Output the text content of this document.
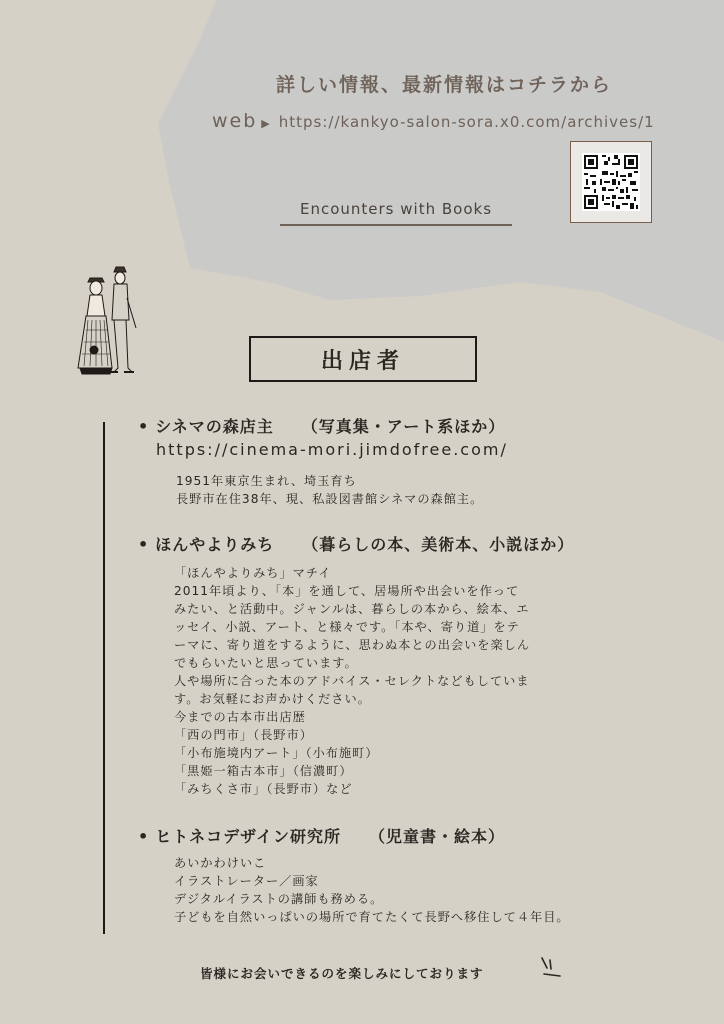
詳しい情報、最新情報はコチラから
web ▶ https://kankyo-salon-sora.x0.com/archives/1
Encounters with Books
出店者
• シネマの森店主 （写真集・アート系ほか）
https://cinema-mori.jimdofree.com/
1951年東京生まれ、埼玉育ち
長野市在住38年、現、私設図書館シネマの森館主。
• ほんやよりみち （暮らしの本、美術本、小説ほか）
「ほんやよりみち」マチイ
2011年頃より、「本」を通して、居場所や出会いを作って
みたい、と活動中。ジャンルは、暮らしの本から、絵本、エ
ッセイ、小説、アート、と様々です。「本や、寄り道」をテ
ーマに、寄り道をするように、思わぬ本との出会いを楽しん
でもらいたいと思っています。
人や場所に合った本のアドバイス・セレクトなどもしていま
す。お気軽にお声かけください。
今までの古本市出店歴
「西の門市」（長野市）
「小布施境内アート」（小布施町）
「黒姫一箱古本市」（信濃町）
「みちくさ市」（長野市）など
• ヒトネコデザイン研究所 （児童書・絵本）
あいかわけいこ
イラストレーター／画家
デジタルイラストの講師も務める。
子どもを自然いっぱいの場所で育てたくて長野へ移住して４年目。
皆様にお会いできるのを楽しみにしております
